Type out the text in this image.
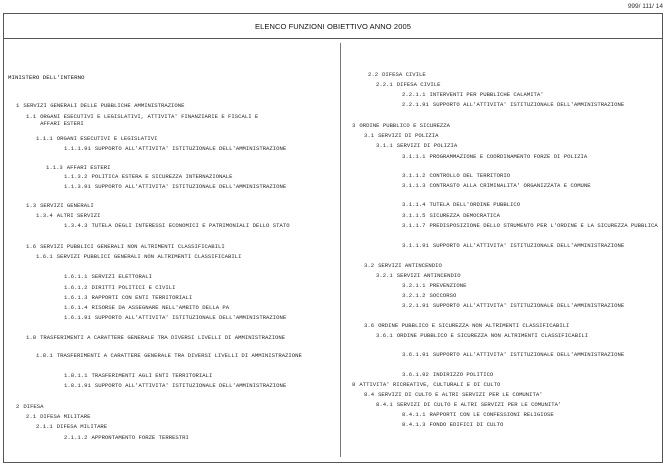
999/ 111/ 14
ELENCO FUNZIONI OBIETTIVO ANNO 2005
MINISTERO DELL'INTERNO
1 SERVIZI GENERALI DELLE PUBBLICHE AMMINISTRAZIONE
1.1 ORGANI ESECUTIVI E LEGISLATIVI, ATTIVITA' FINANZIARIE E FISCALI E AFFARI ESTERI
1.1.1 ORGANI ESECUTIVI E LEGISLATIVI
1.1.1.91 SUPPORTO ALL'ATTIVITA' ISTITUZIONALE DELL'AMMINISTRAZIONE
1.1.3 AFFARI ESTERI
1.1.3.2 POLITICA ESTERA E SICUREZZA INTERNAZIONALE
1.1.3.91 SUPPORTO ALL'ATTIVITA' ISTITUZIONALE DELL'AMMINISTRAZIONE
1.3 SERVIZI GENERALI
1.3.4 ALTRI SERVIZI
1.3.4.3 TUTELA DEGLI INTERESSI ECONOMICI E PATRIMONIALI DELLO STATO
1.6 SERVIZI PUBBLICI GENERALI NON ALTRIMENTI CLASSIFICABILI
1.6.1 SERVIZI PUBBLICI GENERALI NON ALTRIMENTI CLASSIFICABILI
1.6.1.1 SERVIZI ELETTORALI
1.6.1.2 DIRITTI POLITICI E CIVILI
1.6.1.3 RAPPORTI CON ENTI TERRITORIALI
1.6.1.4 RISORSE DA ASSEGNARE NELL'AMBITO DELLA PA
1.6.1.91 SUPPORTO ALL'ATTIVITA' ISTITUZIONALE DELL'AMMINISTRAZIONE
1.8 TRASFERIMENTI A CARATTERE GENERALE TRA DIVERSI LIVELLI DI AMMINISTRAZIONE
1.8.1 TRASFERIMENTI A CARATTERE GENERALE TRA DIVERSI LIVELLI DI AMMINISTRAZIONE
1.8.1.1 TRASFERIMENTI AGLI ENTI TERRITORIALI
1.8.1.91 SUPPORTO ALL'ATTIVITA' ISTITUZIONALE DELL'AMMINISTRAZIONE
2 DIFESA
2.1 DIFESA MILITARE
2.1.1 DIFESA MILITARE
2.1.1.2 APPRONTAMENTO FORZE TERRESTRI
2.2 DIFESA CIVILE
2.2.1 DIFESA CIVILE
2.2.1.1 INTERVENTI PER PUBBLICHE CALAMITA'
2.2.1.91 SUPPORTO ALL'ATTIVITA' ISTITUZIONALE DELL'AMMINISTRAZIONE
3 ORDINE PUBBLICO E SICUREZZA
3.1 SERVIZI DI POLIZIA
3.1.1 SERVIZI DI POLIZIA
3.1.1.1 PROGRAMMAZIONE E COORDINAMENTO FORZE DI POLIZIA
3.1.1.2 CONTROLLO DEL TERRITORIO
3.1.1.3 CONTRASTO ALLA CRIMINALITA' ORGANIZZATA E COMUNE
3.1.1.4 TUTELA DELL'ORDINE PUBBLICO
3.1.1.5 SICUREZZA DEMOCRATICA
3.1.1.7 PREDISPOSIZIONE DELLO STRUMENTO PER L'ORDINE E LA SICUREZZA PUBBLICA
3.1.1.91 SUPPORTO ALL'ATTIVITA' ISTITUZIONALE DELL'AMMINISTRAZIONE
3.2 SERVIZI ANTINCENDIO
3.2.1 SERVIZI ANTINCENDIO
3.2.1.1 PREVENZIONE
3.2.1.2 SOCCORSO
3.2.1.91 SUPPORTO ALL'ATTIVITA' ISTITUZIONALE DELL'AMMINISTRAZIONE
3.6 ORDINE PUBBLICO E SICUREZZA NON ALTRIMENTI CLASSIFICABILI
3.6.1 ORDINE PUBBLICO E SICUREZZA NON ALTRIMENTI CLASSIFICABILI
3.6.1.91 SUPPORTO ALL'ATTIVITA' ISTITUZIONALE DELL'AMMINISTRAZIONE
3.6.1.92 INDIRIZZO POLITICO
8 ATTIVITA' RICREATIVE, CULTURALI E DI CULTO
8.4 SERVIZI DI CULTO E ALTRI SERVIZI PER LE COMUNITA'
8.4.1 SERVIZI DI CULTO E ALTRI SERVIZI PER LE COMUNITA'
8.4.1.1 RAPPORTI CON LE CONFESSIONI RELIGIOSE
8.4.1.3 FONDO EDIFICI DI CULTO
